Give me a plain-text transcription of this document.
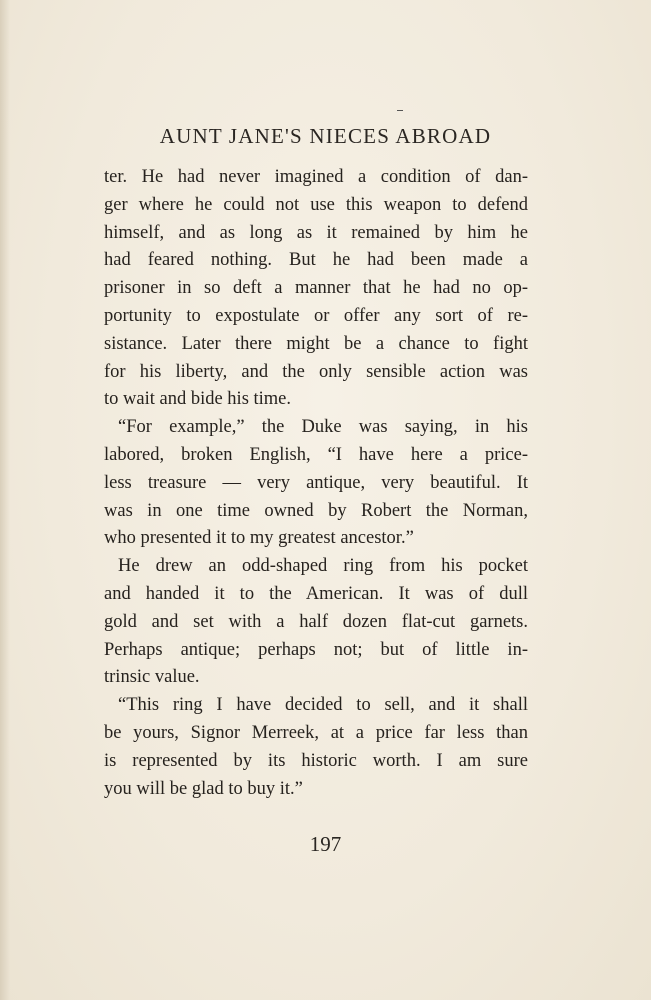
AUNT JANE'S NIECES ABROAD
ter. He had never imagined a condition of dan-
ger where he could not use this weapon to defend
himself, and as long as it remained by him he
had feared nothing. But he had been made a
prisoner in so deft a manner that he had no op-
portunity to expostulate or offer any sort of re-
sistance. Later there might be a chance to fight
for his liberty, and the only sensible action was
to wait and bide his time.
“For example,” the Duke was saying, in his
labored, broken English, “I have here a price-
less treasure — very antique, very beautiful. It
was in one time owned by Robert the Norman,
who presented it to my greatest ancestor.”
He drew an odd-shaped ring from his pocket
and handed it to the American. It was of dull
gold and set with a half dozen flat-cut garnets.
Perhaps antique; perhaps not; but of little in-
trinsic value.
“This ring I have decided to sell, and it shall
be yours, Signor Merreek, at a price far less than
is represented by its historic worth. I am sure
you will be glad to buy it.”
197
